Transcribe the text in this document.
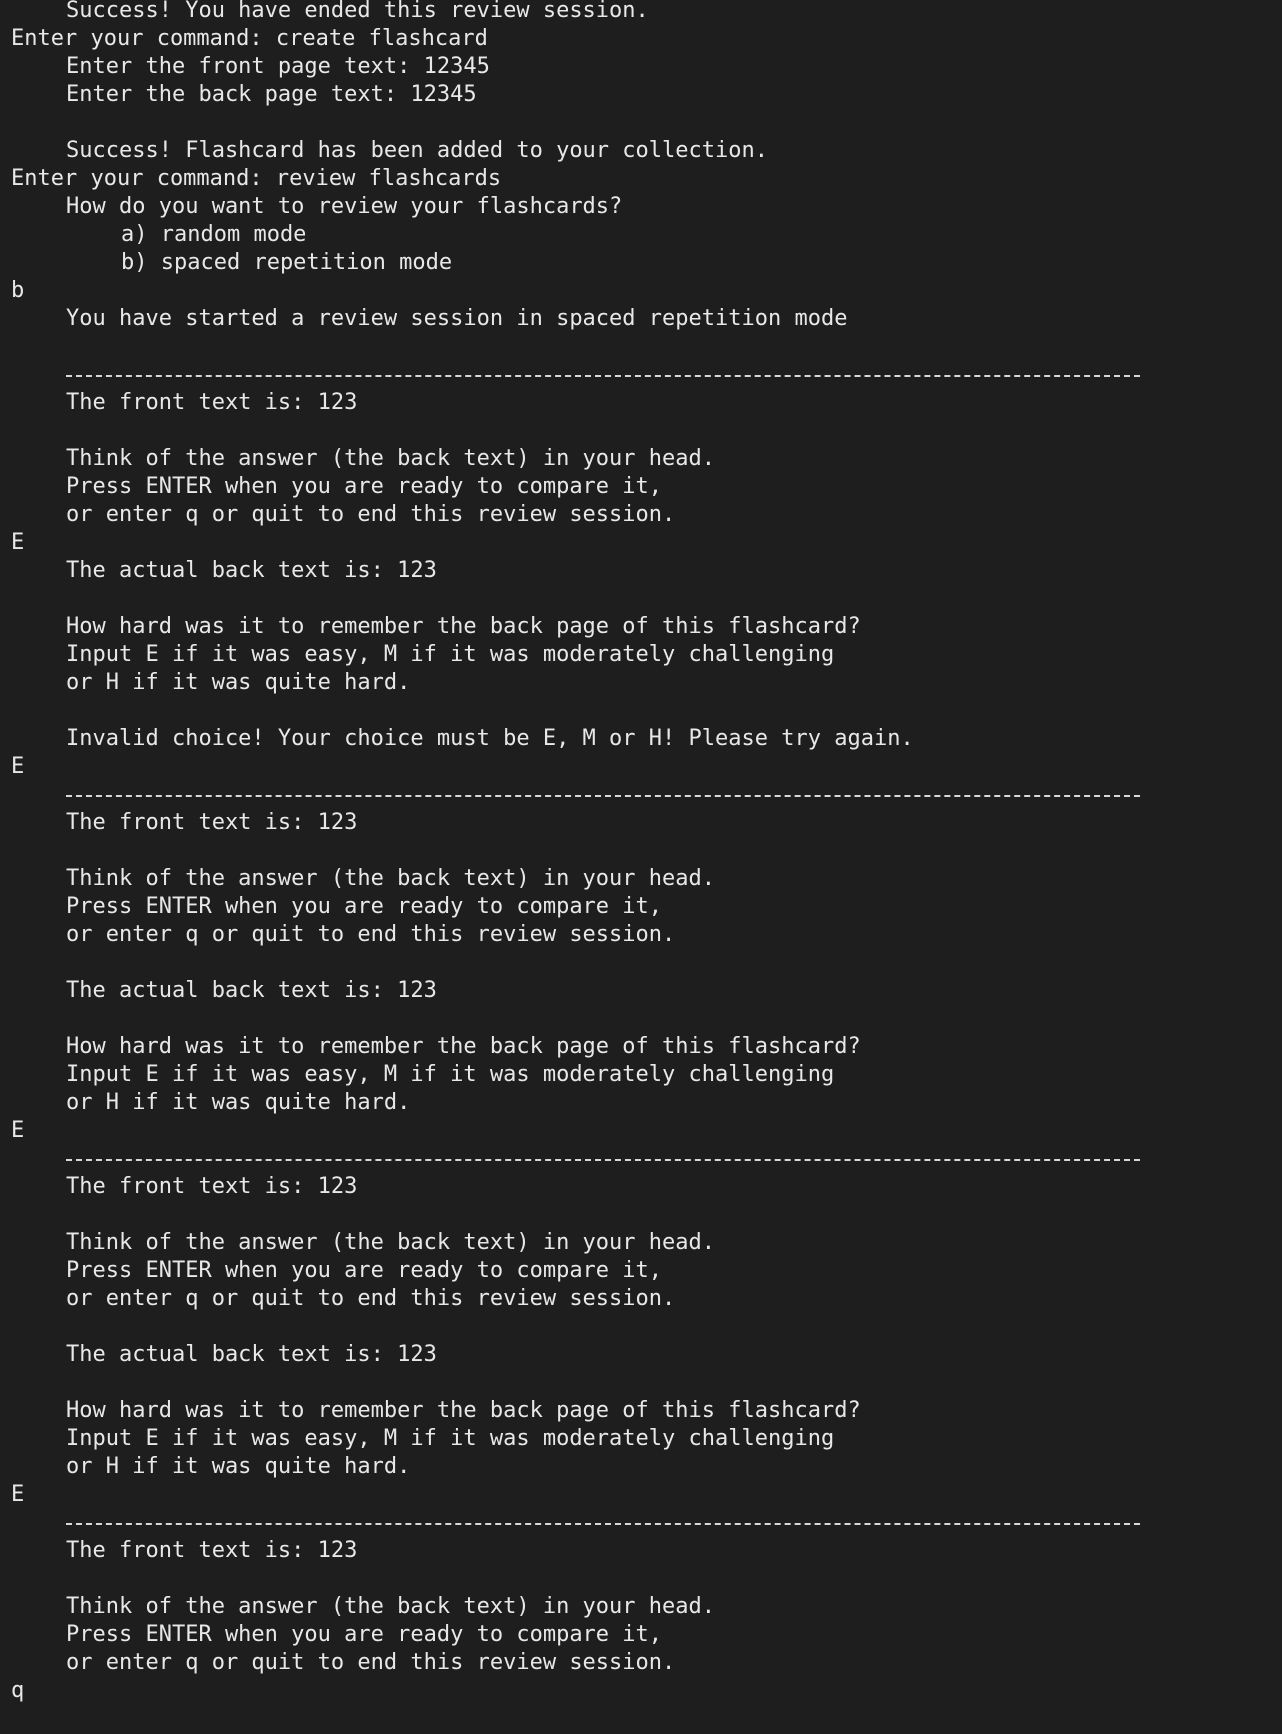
Success! You have ended this review session.
Enter your command: create flashcard
Enter the front page text: 12345
Enter the back page text: 12345

Success! Flashcard has been added to your collection.
Enter your command: review flashcards
How do you want to review your flashcards?
a) random mode
b) spaced repetition mode
b
You have started a review session in spaced repetition mode

The front text is: 123

Think of the answer (the back text) in your head.
Press ENTER when you are ready to compare it,
or enter q or quit to end this review session.
E
The actual back text is: 123

How hard was it to remember the back page of this flashcard?
Input E if it was easy, M if it was moderately challenging
or H if it was quite hard.

Invalid choice! Your choice must be E, M or H! Please try again.
E
The front text is: 123

Think of the answer (the back text) in your head.
Press ENTER when you are ready to compare it,
or enter q or quit to end this review session.

The actual back text is: 123

How hard was it to remember the back page of this flashcard?
Input E if it was easy, M if it was moderately challenging
or H if it was quite hard.
E
The front text is: 123

Think of the answer (the back text) in your head.
Press ENTER when you are ready to compare it,
or enter q or quit to end this review session.

The actual back text is: 123

How hard was it to remember the back page of this flashcard?
Input E if it was easy, M if it was moderately challenging
or H if it was quite hard.
E
The front text is: 123

Think of the answer (the back text) in your head.
Press ENTER when you are ready to compare it,
or enter q or quit to end this review session.
q
